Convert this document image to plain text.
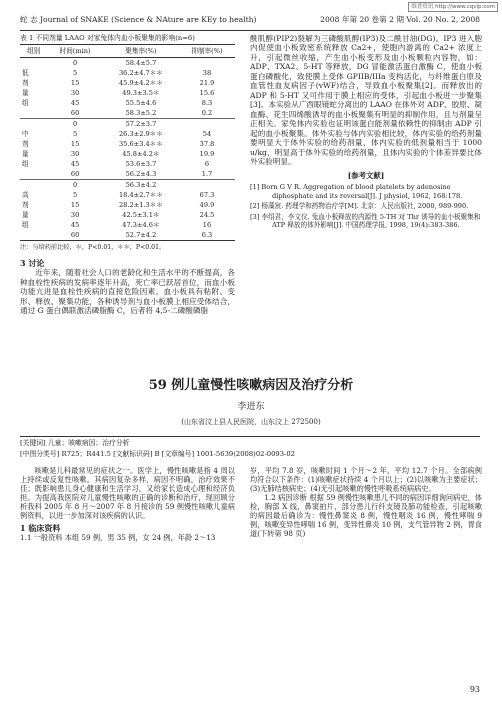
维普资讯 http://www.cqvip.com
蛇 志 Journal of SNAKE (Science & NAture are KEy to health)	2008 年第 20 卷第 2 期 Vol. 20 No. 2, 2008
表 1 不同剂量 LAAO 对家兔体内血小板聚集的影响(n=6)
组别	时间(min)	聚集率(%)	抑制率(%)
	0	58.4±5.7	
低	5	36.2±4.7＊＊	38
剂	15	45.9±4.2＊＊	21.9
量	30	49.3±3.5＊	15.6
组	45	55.5±4.6	8.3
	60	58.3±5.2	0.2
	0	57.2±3.7	
中	5	26.3±2.9＊＊	54
剂	15	35.6±3.4＊＊	37.8
量	30	45.8±4.2＊	19.9
组	45	53.6±3.7	6
	60	56.2±4.3	1.7
	0	56.3±4.2	
高	5	18.4±2.7＊＊	67.3
剂	15	28.2±1.3＊＊	49.9
量	30	42.5±3.1＊	24.5
组	45	47.3±4.6＊	16
	60	52.7±4.2	6.3
注：与给药前比较，＊，P<0.01，＊＊，P<0.01。
3 讨论

近年来，随着社会人口的老龄化和生活水平的不断提高，各种血栓性疾病的发病率逐年升高，死亡率已跃居首位，而血小板功能亢进是血栓性疾病的直接危险因素。血小板具有粘附、变形、释放、聚集功能，各种诱导剂与血小板膜上相应受体结合，通过 G 蛋白偶联激活磷脂酶 C，后者将 4,5-二磷酸磷脂

酰肌醇(PIP2)裂解为三磷酸肌醇(IP3)及二酰甘油(DG)。IP3 进入胞内促使血小板致密系统释放 Ca2+，使胞内游离的 Ca2+ 浓度上升，引起微丝收缩，产生血小板变形及血小板颗粒内容物，如：ADP、TXA2、5-HT 等释放，DG 冒能激活蛋白激酶 C，使血小板蛋白磷酸化，致使膜上受体 GPIIB/IIIa 变构活化，与纤维蛋白原及血管性血友病因子(vWF)结合，导致血小板聚集[2]。而释放出的 ADP 和 5-HT 又可作用于膜上相应的受体，引起血小板进一步聚集[3]。本实验从广西眼镜蛇分离出的 LAAO 在体外对 ADP、胶原、凝血酶、花生四烯酸诱导的血小板聚集有明显的抑制作用，且与剂量呈正相关。家兔体内实验也证明该蛋白能剂量依赖性的抑制由 ADP 引起的血小板聚集。体外实验与体内实验相比较，体内实验的给药剂量要明显大于体外实验的给药剂量，体内实验的低剂量相当于 1000 u/kg，明显高于体外实验的给药剂量，且体内实验的个体差异要比体外实验明显。

[参考文献]
[1] Born G V R. Aggregation of blood platelets by adenosine diphosphate and its reversal[J]. J physiol, 1962, 168:178.
[2] 杨藻宸. 药理学和药物治疗学[M]. 北京：人民出版社, 2000, 989-990.
[3] 李绍君，李文仪. 兔血小板释放的内源性 5-TH 对 Thr 诱导的血小板聚集和 ATP 释放的体外影响[J]. 中国药理学报, 1998, 19(4):383-386.
59 例儿童慢性咳嗽病因及治疗分析
李进东
(山东省汶上县人民医院，山东汶上 272500)
[关键词] 儿童；咳嗽病因；治疗分析
[中图分类号] R725；R441.5 [文献标识码] B [文章编号] 1001-5639(2008)02-0093-02

咳嗽是儿科最常见的症状之一。医学上，慢性咳嗽是指 4 周以上持续或反复性咳嗽。其病因复杂多样，病因不明确，治疗效果不佳；既影响患儿身心健康和生活学习，又给家长造成心理和经济负担。为提高我医院对儿童慢性咳嗽的正确的诊断和治疗，现回顾分析我科 2005 年 8 月～2007 年 8 月接诊的 59 例慢性咳嗽儿童病例资料，以进一步加深对该疾病的认识。

1 临床资料

1.1 一般资料 本组 59 例，男 35 例，女 24 例，年龄 2～13

岁，平均 7.8 岁，咳嗽时间 1 个月～2 年，平均 12.7 个月。全部病例均符合以下条件：(1)咳嗽症状持续 4 个月以上；(2)以咳嗽为主要症状；(3)无肺结核病史；(4)无引起咳嗽的慢性呼吸系统病病史。

1.2 病因诊断 根据 59 例慢性咳嗽患儿不同的病因详细询问病史，体检，胸部 X 线，鼻窦拍片，部分患儿行纤支镜及肺功能检查，引起咳嗽的病因最后确诊为：慢性鼻窦炎 8 例，慢性咽炎 16 例，慢性哮喘 9 例，咳嗽变异性哮喘 16 例，变异性鼻炎 10 例，支气管异物 2 例，胃食道(下转第 98 页)

93
